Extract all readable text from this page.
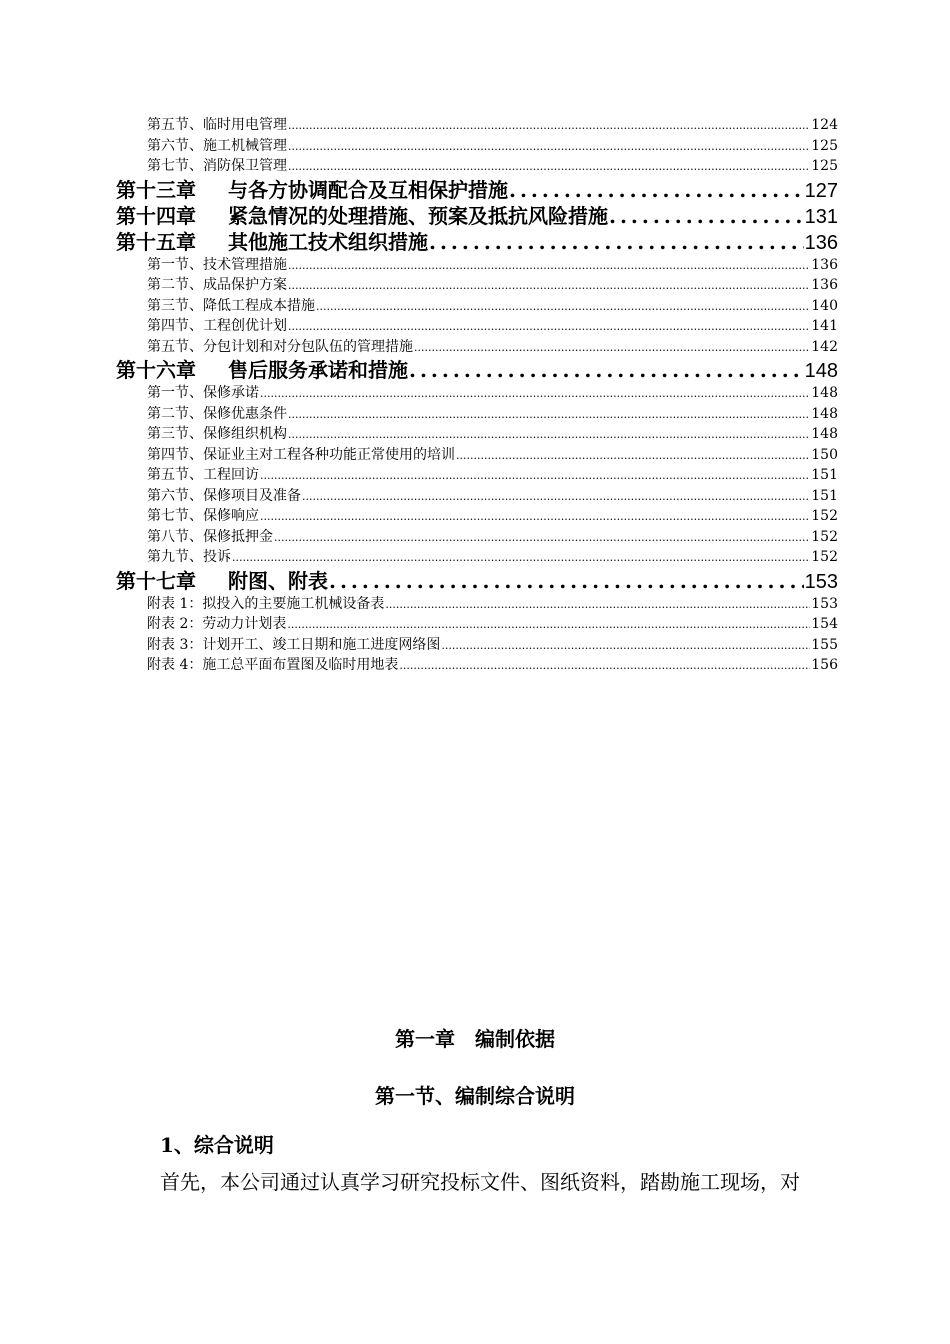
第五节、临时用电管理 .....	124
第六节、施工机械管理 .....	125
第七节、消防保卫管理 .....	125
第十三章 与各方协调配合及互相保护措施 .....	127
第十四章 紧急情况的处理措施、预案及抵抗风险措施 .....	131
第十五章 其他施工技术组织措施 .....	136
第一节、技术管理措施 .....	136
第二节、成品保护方案 .....	136
第三节、降低工程成本措施 .....	140
第四节、工程创优计划 .....	141
第五节、分包计划和对分包队伍的管理措施 .....	142
第十六章 售后服务承诺和措施 .....	148
第一节、保修承诺 .....	148
第二节、保修优惠条件 .....	148
第三节、保修组织机构 .....	148
第四节、保证业主对工程各种功能正常使用的培训 .....	150
第五节、工程回访 .....	151
第六节、保修项目及准备 .....	151
第七节、保修响应 .....	152
第八节、保修抵押金 .....	152
第九节、投诉 .....	152
第十七章 附图、附表 .....	153
附表 1：拟投入的主要施工机械设备表 .....	153
附表 2：劳动力计划表 .....	154
附表 3：计划开工、竣工日期和施工进度网络图 .....	155
附表 4：施工总平面布置图及临时用地表 .....	156
第一章　编制依据
第一节、编制综合说明
1、综合说明
首先，本公司通过认真学习研究投标文件、图纸资料，踏勘施工现场，对
